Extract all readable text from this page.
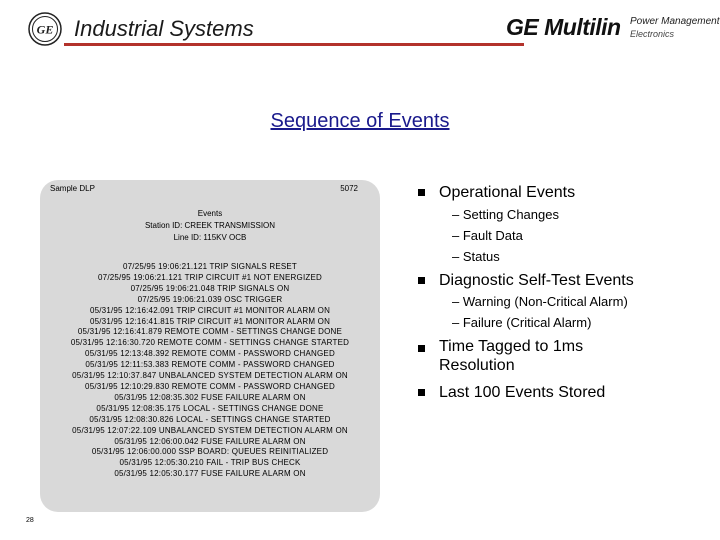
GE Industrial Systems	GE Multilin Power Management
Electronics
Sequence of Events
Sample DLP	5072
Events
Station ID: CREEK TRANSMISSION
Line ID: 115KV OCB
07/25/95 19:06:21.121 TRIP SIGNALS RESET
07/25/95 19:06:21.121 TRIP CIRCUIT #1 NOT ENERGIZED
07/25/95 19:06:21.048 TRIP SIGNALS ON
07/25/95 19:06:21.039 OSC TRIGGER
05/31/95 12:16:42.091 TRIP CIRCUIT #1 MONITOR ALARM ON
05/31/95 12:16:41.815 TRIP CIRCUIT #1 MONITOR ALARM ON
05/31/95 12:16:41.879 REMOTE COMM - SETTINGS CHANGE DONE
05/31/95 12:16:30.720 REMOTE COMM - SETTINGS CHANGE STARTED
05/31/95 12:13:48.392 REMOTE COMM - PASSWORD CHANGED
05/31/95 12:11:53.383 REMOTE COMM - PASSWORD CHANGED
05/31/95 12:10:37.847 UNBALANCED SYSTEM DETECTION ALARM ON
05/31/95 12:10:29.830 REMOTE COMM - PASSWORD CHANGED
05/31/95 12:08:35.302 FUSE FAILURE ALARM ON
05/31/95 12:08:35.175 LOCAL - SETTINGS CHANGE DONE
05/31/95 12:08:30.826 LOCAL - SETTINGS CHANGE STARTED
05/31/95 12:07:22.109 UNBALANCED SYSTEM DETECTION ALARM ON
05/31/95 12:06:00.042 FUSE FAILURE ALARM ON
05/31/95 12:06:00.000 SSP BOARD: QUEUES REINITIALIZED
05/31/95 12:05:30.210 FAIL - TRIP BUS CHECK
05/31/95 12:05:30.177 FUSE FAILURE ALARM ON
28
Operational Events
– Setting Changes
– Fault Data
– Status
Diagnostic Self-Test Events
– Warning (Non-Critical Alarm)
– Failure (Critical Alarm)
Time Tagged to 1ms
Resolution
Last 100 Events Stored
